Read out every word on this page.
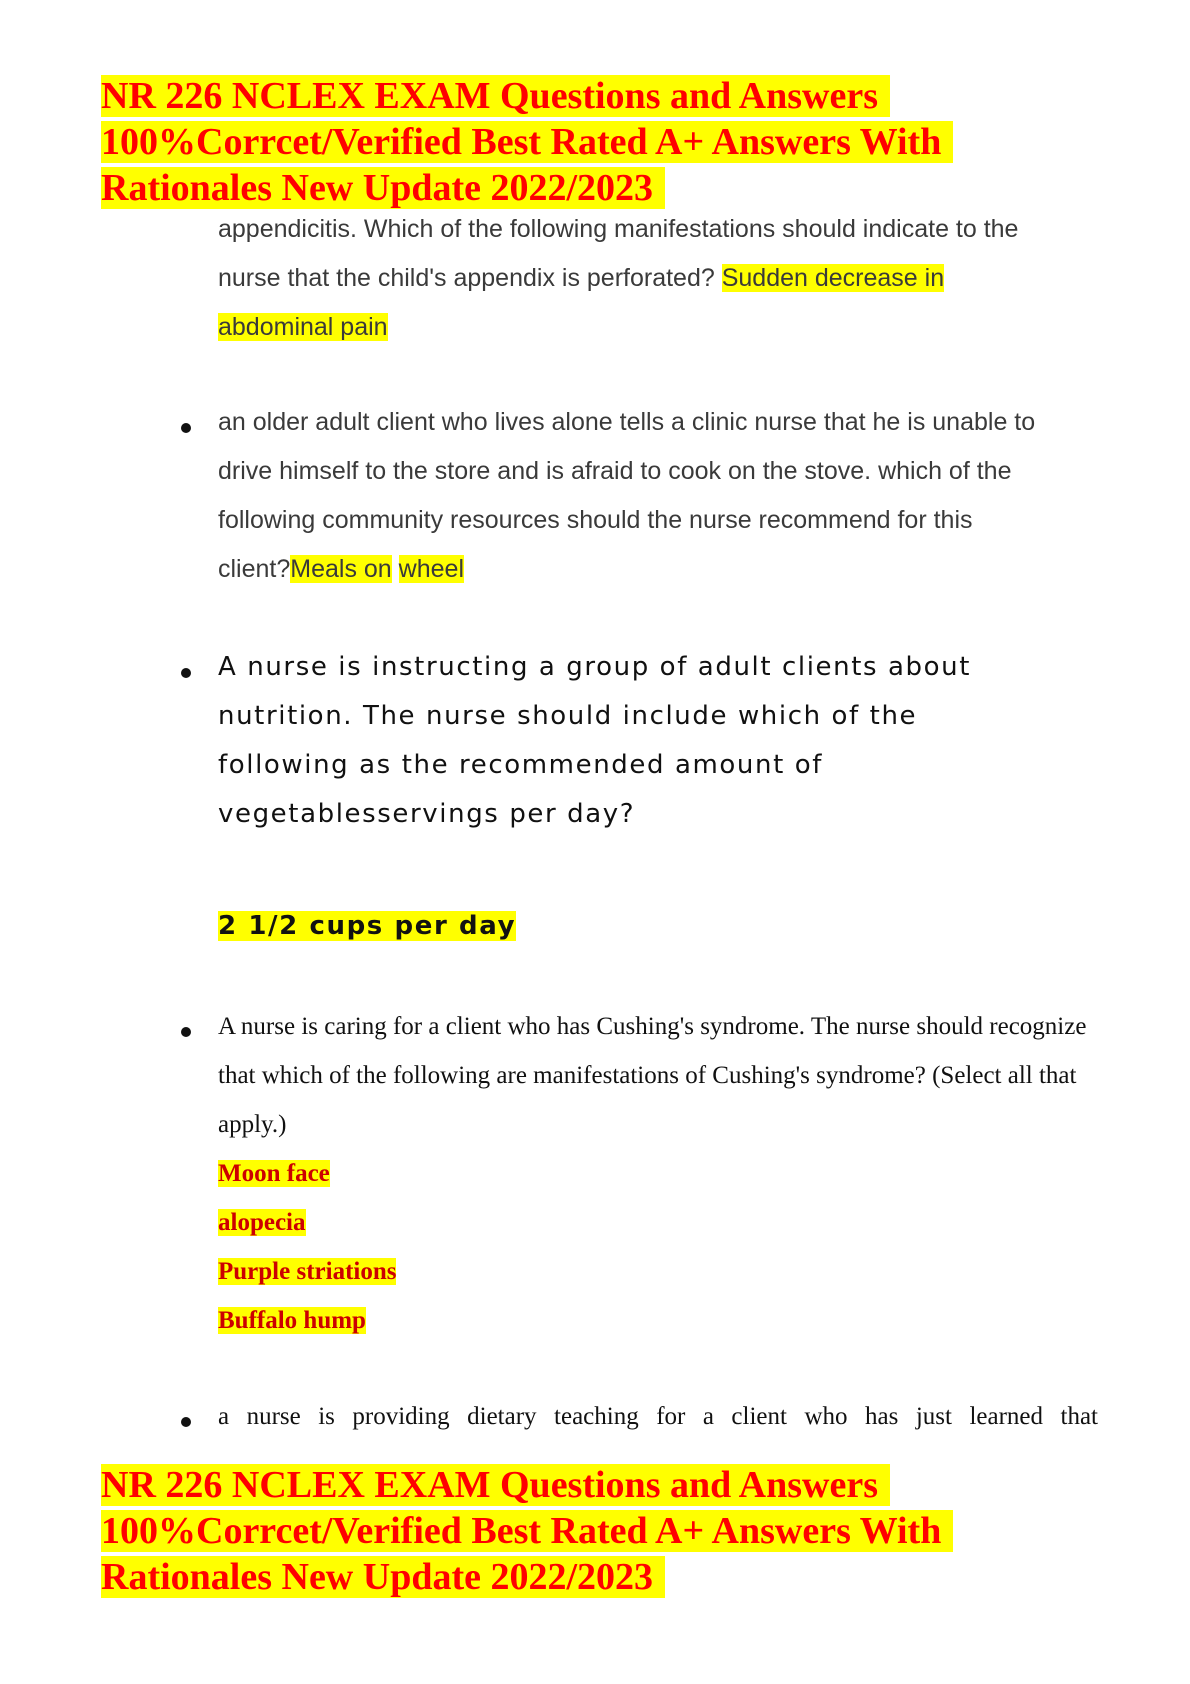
NR 226 NCLEX EXAM Questions and Answers
100%Corrcet/Verified Best Rated A+ Answers With
Rationales New Update 2022/2023
appendicitis. Which of the following manifestations should indicate to the nurse that the child's appendix is perforated? Sudden decrease in abdominal pain
an older adult client who lives alone tells a clinic nurse that he is unable to drive himself to the store and is afraid to cook on the stove. which of the following community resources should the nurse recommend for this client?Meals on wheel
A nurse is instructing a group of adult clients about nutrition. The nurse should include which of the following as the recommended amount of vegetablesservings per day?
2 1/2 cups per day
A nurse is caring for a client who has Cushing's syndrome. The nurse should recognize that which of the following are manifestations of Cushing's syndrome? (Select all that apply.)
Moon face
alopecia
Purple striations
Buffalo hump
a nurse is providing dietary teaching for a client who has just learned that
NR 226 NCLEX EXAM Questions and Answers
100%Corrcet/Verified Best Rated A+ Answers With
Rationales New Update 2022/2023
